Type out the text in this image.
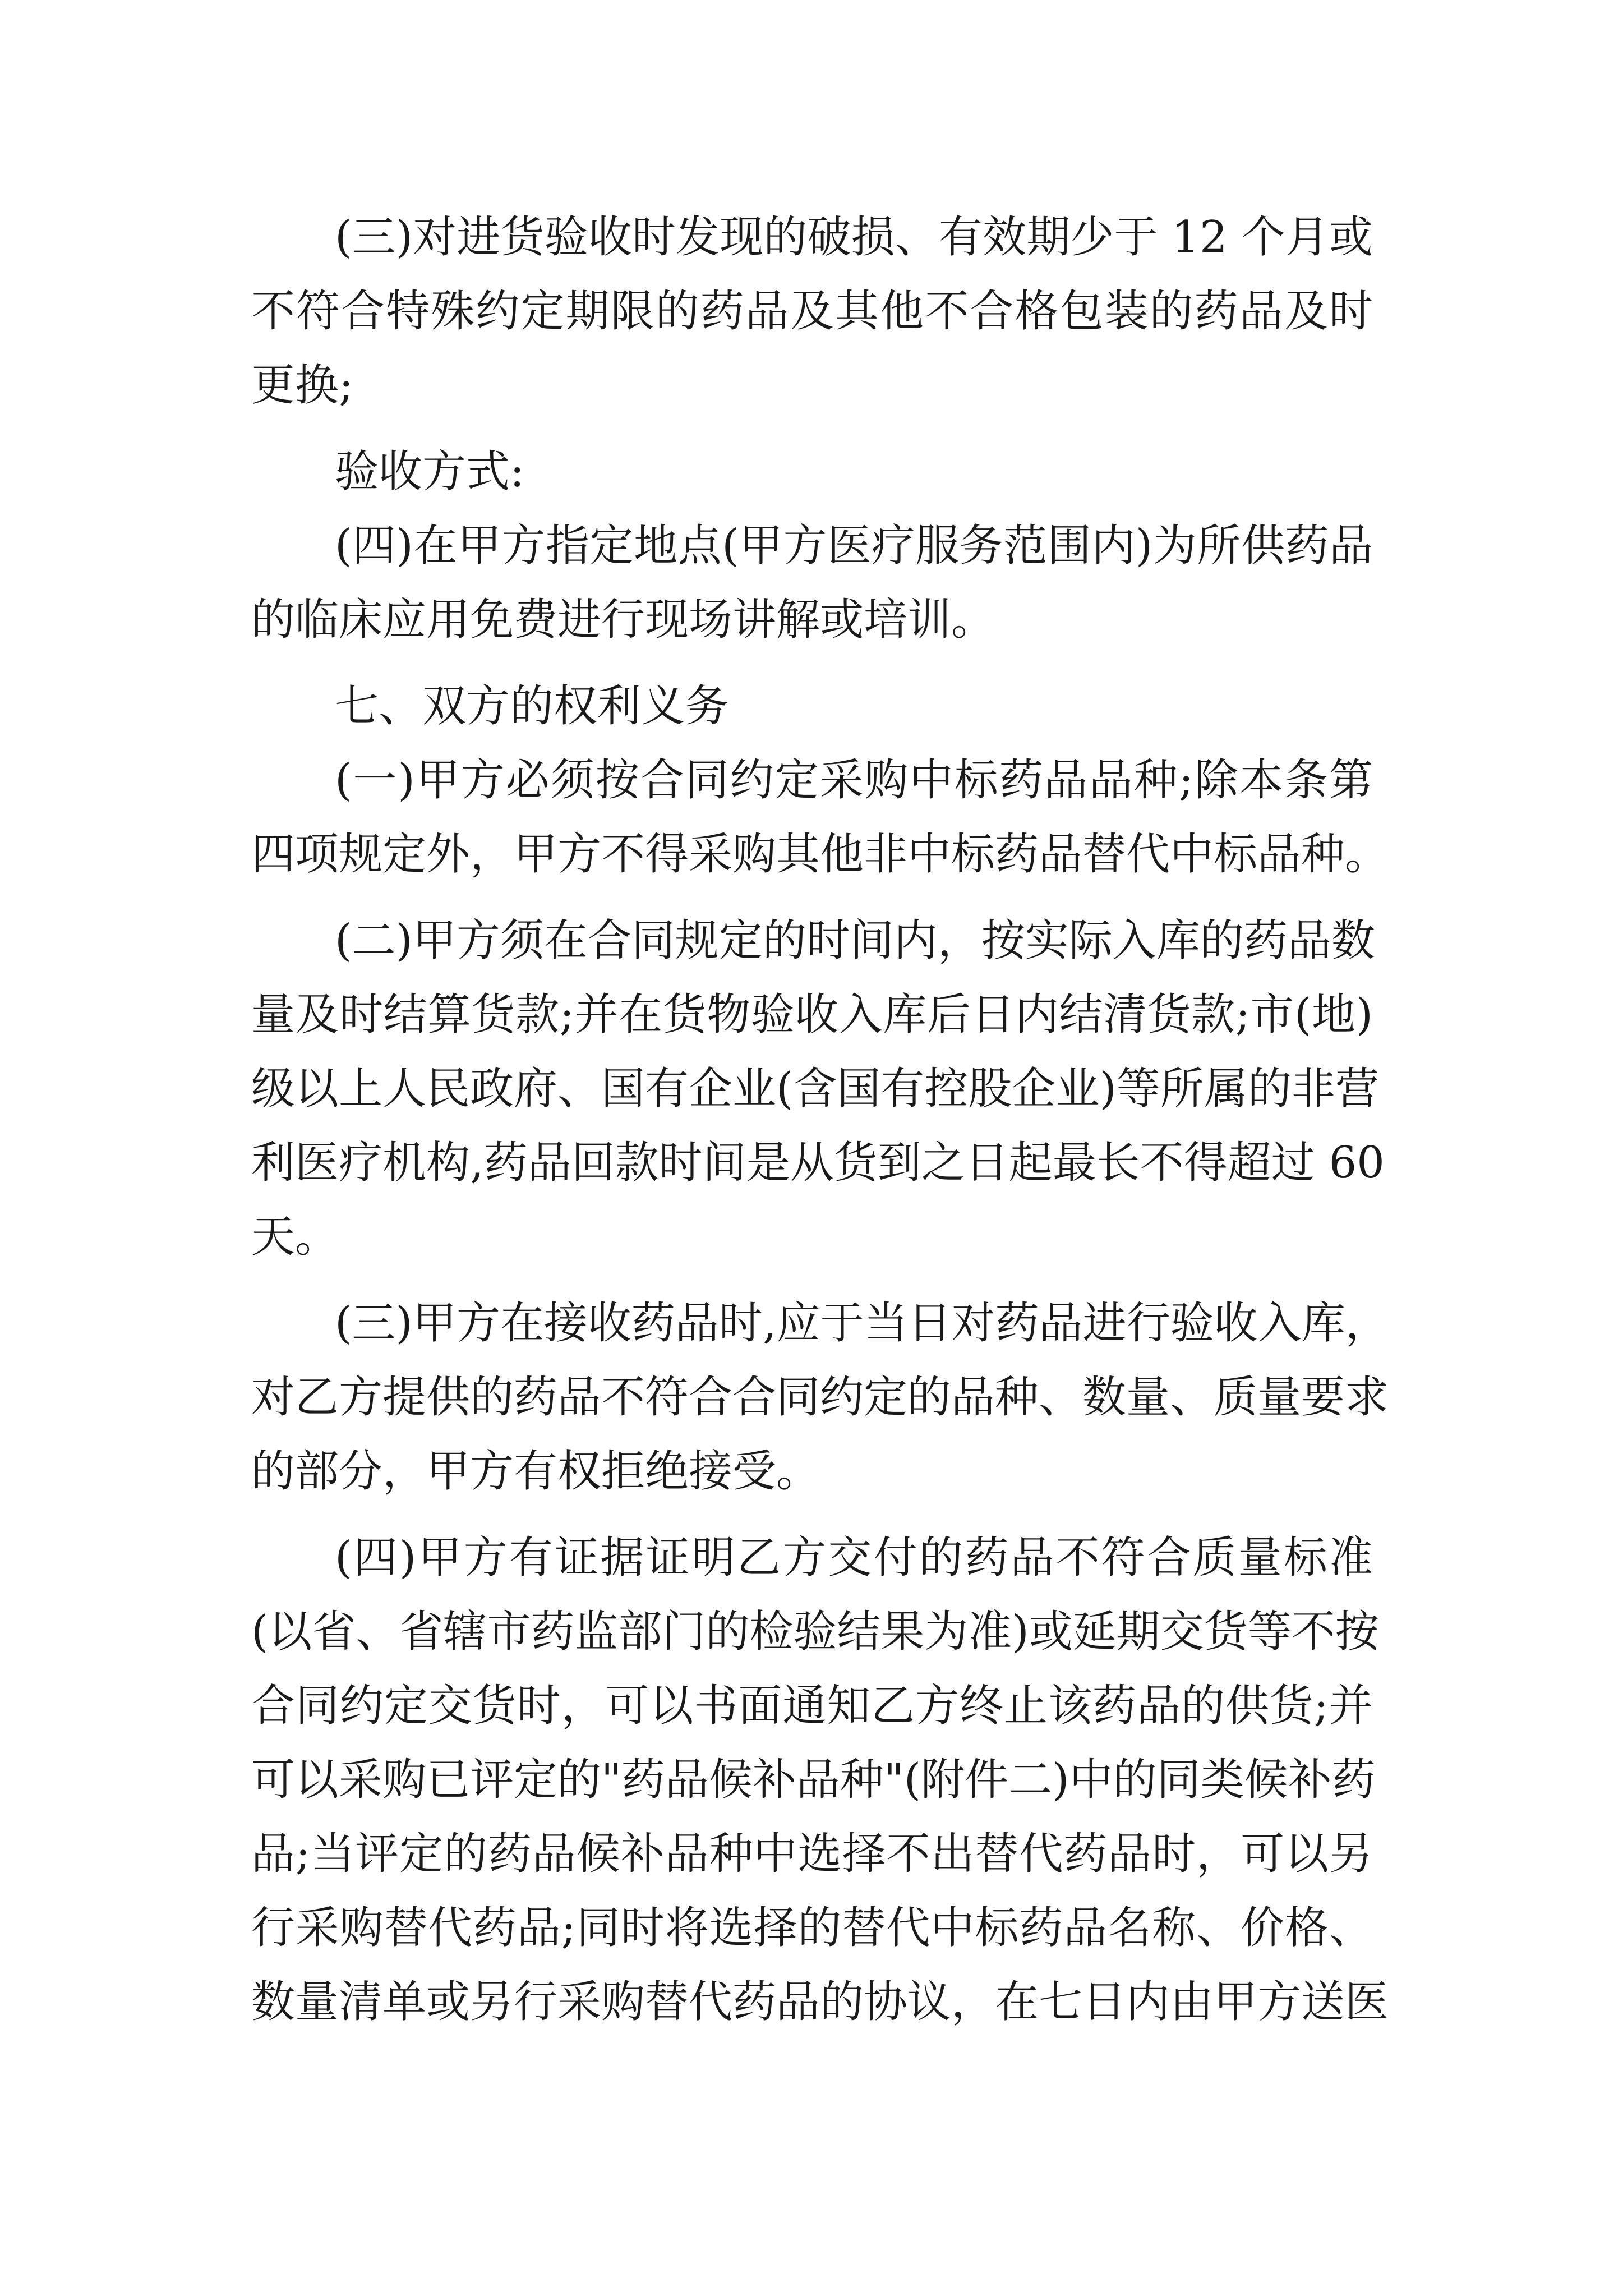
(三)对进货验收时发现的破损、有效期少于 12 个月或
不符合特殊约定期限的药品及其他不合格包装的药品及时
更换;
验收方式:
(四)在甲方指定地点(甲方医疗服务范围内)为所供药品
的临床应用免费进行现场讲解或培训。
七、双方的权利义务
(一)甲方必须按合同约定采购中标药品品种;除本条第
四项规定外，甲方不得采购其他非中标药品替代中标品种。
(二)甲方须在合同规定的时间内，按实际入库的药品数
量及时结算货款;并在货物验收入库后日内结清货款;市(地)
级以上人民政府、国有企业(含国有控股企业)等所属的非营
利医疗机构,药品回款时间是从货到之日起最长不得超过 60
天。
(三)甲方在接收药品时,应于当日对药品进行验收入库，
对乙方提供的药品不符合合同约定的品种、数量、质量要求
的部分，甲方有权拒绝接受。
(四)甲方有证据证明乙方交付的药品不符合质量标准
(以省、省辖市药监部门的检验结果为准)或延期交货等不按
合同约定交货时，可以书面通知乙方终止该药品的供货;并
可以采购已评定的"药品候补品种"(附件二)中的同类候补药
品;当评定的药品候补品种中选择不出替代药品时，可以另
行采购替代药品;同时将选择的替代中标药品名称、价格、
数量清单或另行采购替代药品的协议，在七日内由甲方送医
